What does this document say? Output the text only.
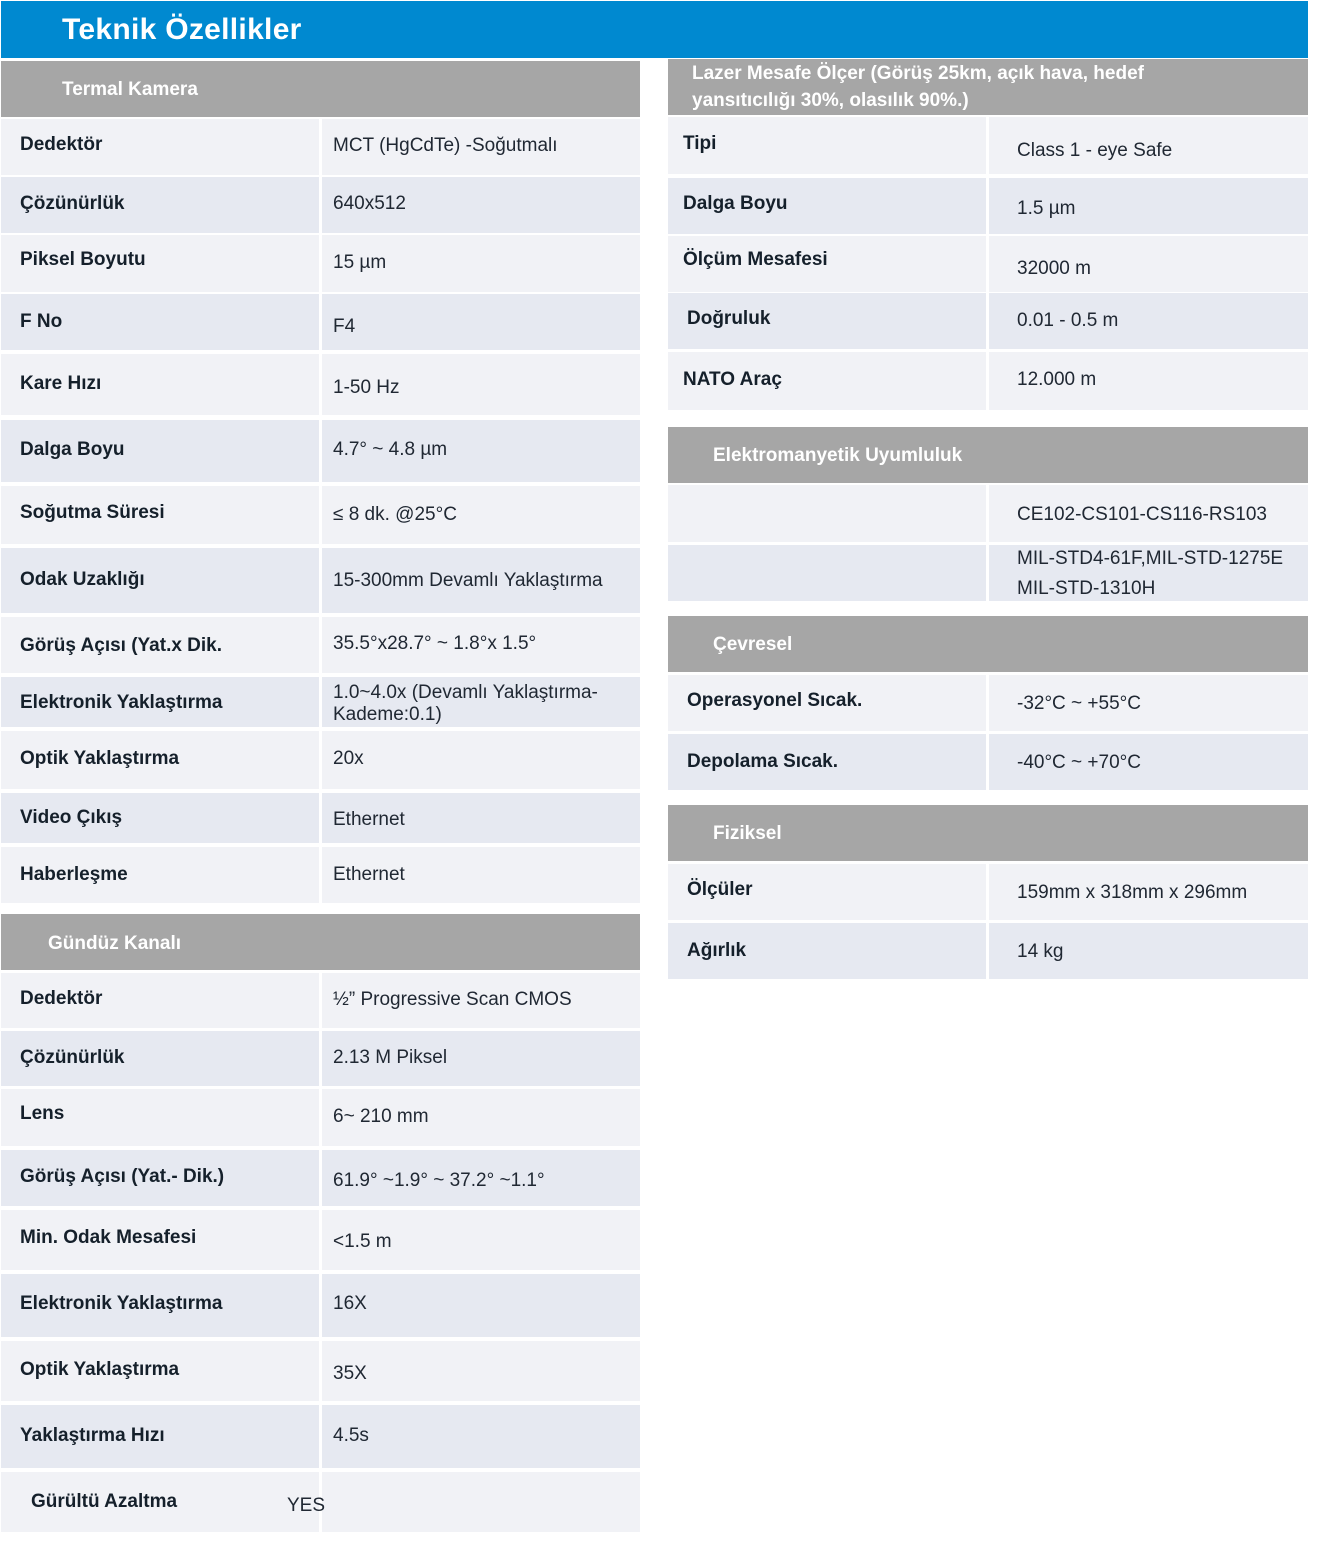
Teknik Özellikler
Termal Kamera
Dedektör	MCT (HgCdTe) -Soğutmalı
Çözünürlük	640x512
Piksel Boyutu	15 µm
F No	F4
Kare Hızı	1-50 Hz
Dalga Boyu	4.7° ~ 4.8 µm
Soğutma Süresi	≤ 8 dk. @25°C
Odak Uzaklığı	15-300mm Devamlı Yaklaştırma
Görüş Açısı (Yat.x Dik.	35.5°x28.7° ~ 1.8°x 1.5°
Elektronik Yaklaştırma	1.0~4.0x (Devamlı Yaklaştırma-
Kademe:0.1)
Optik Yaklaştırma	20x
Video Çıkış	Ethernet
Haberleşme	Ethernet
Gündüz Kanalı
Dedektör	½” Progressive Scan CMOS
Çözünürlük	2.13 M Piksel
Lens	6~ 210 mm
Görüş Açısı (Yat.- Dik.)	61.9° ~1.9° ~ 37.2° ~1.1°
Min. Odak Mesafesi	<1.5 m
Elektronik Yaklaştırma	16X
Optik Yaklaştırma	35X
Yaklaştırma Hızı	4.5s
Gürültü Azaltma	YES
Lazer Mesafe Ölçer (Görüş 25km, açık hava, hedef
yansıtıcılığı 30%, olasılık 90%.)
Tipi	Class 1 - eye Safe
Dalga Boyu	1.5 µm
Ölçüm Mesafesi	32000 m
Doğruluk	0.01 - 0.5 m
NATO Araç	12.000 m
Elektromanyetik Uyumluluk
CE102-CS101-CS116-RS103
MIL-STD4-61F,MIL-STD-1275E
MIL-STD-1310H
Çevresel
Operasyonel Sıcak.	-32°C ~ +55°C
Depolama Sıcak.	-40°C ~ +70°C
Fiziksel
Ölçüler	159mm x 318mm x 296mm
Ağırlık	14 kg
